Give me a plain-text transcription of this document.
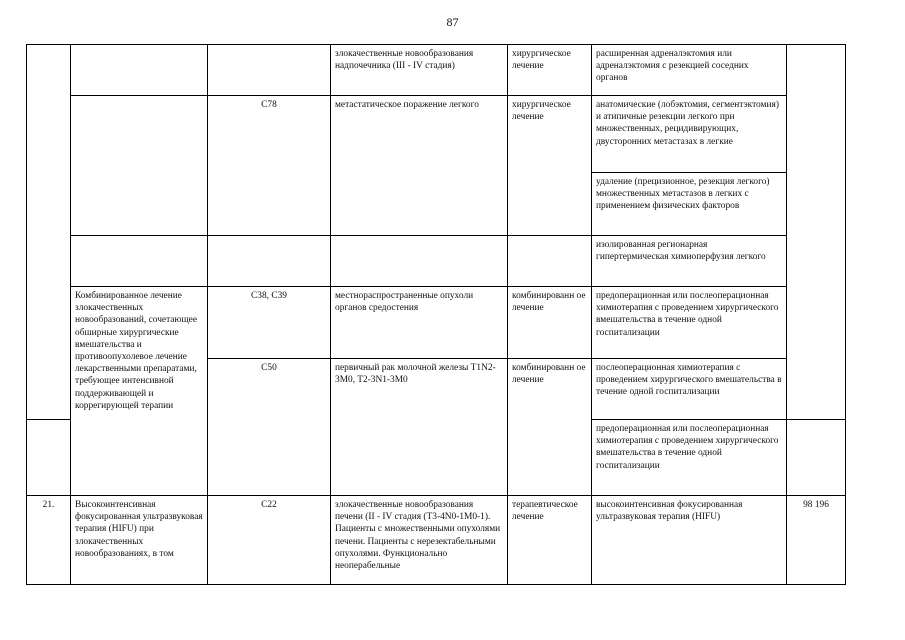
87
			злокачественные новообразования надпочечника (III - IV стадия)	хирургическое лечение	расширенная адреналэктомия или адреналэктомия с резекцией соседних органов	
		C78	метастатическое поражение легкого	хирургическое лечение	анатомические (лобэктомия, сегментэктомия) и атипичные резекции легкого при множественных, рецидивирующих, двусторонних метастазах в легкие	
					удаление (прецизионное, резекция легкого) множественных метастазов в легких с применением физических факторов	
					изолированная регионарная гипертермическая химиоперфузия легкого	
	Комбинированное лечение злокачественных новообразований, сочетающее обширные хирургические вмешательства и противоопухолевое лечение лекарственными препаратами, требующее интенсивной поддерживающей и коррегирующей терапии	C38, C39	местнораспространенные опухоли органов средостения	комбинированн ое лечение	предоперационная или послеоперационная химиотерапия с проведением хирургического вмешательства в течение одной госпитализации	
		C50	первичный рак молочной железы T1N2-3M0, T2-3N1-3M0	комбинированн ое лечение	послеоперационная химиотерапия с проведением хирургического вмешательства в течение одной госпитализации	
					предоперационная или послеоперационная химиотерапия с проведением хирургического вмешательства в течение одной госпитализации	
21.	Высокоинтенсивная фокусированная ультразвуковая терапия (HIFU) при злокачественных новообразованиях, в том	C22	злокачественные новообразования печени (II - IV стадия (T3-4N0-1M0-1). Пациенты с множественными опухолями печени. Пациенты с нерезектабельными опухолями. Функционально неоперабельные	терапевтическое лечение	высокоинтенсивная фокусированная ультразвуковая терапия (HIFU)	98 196
